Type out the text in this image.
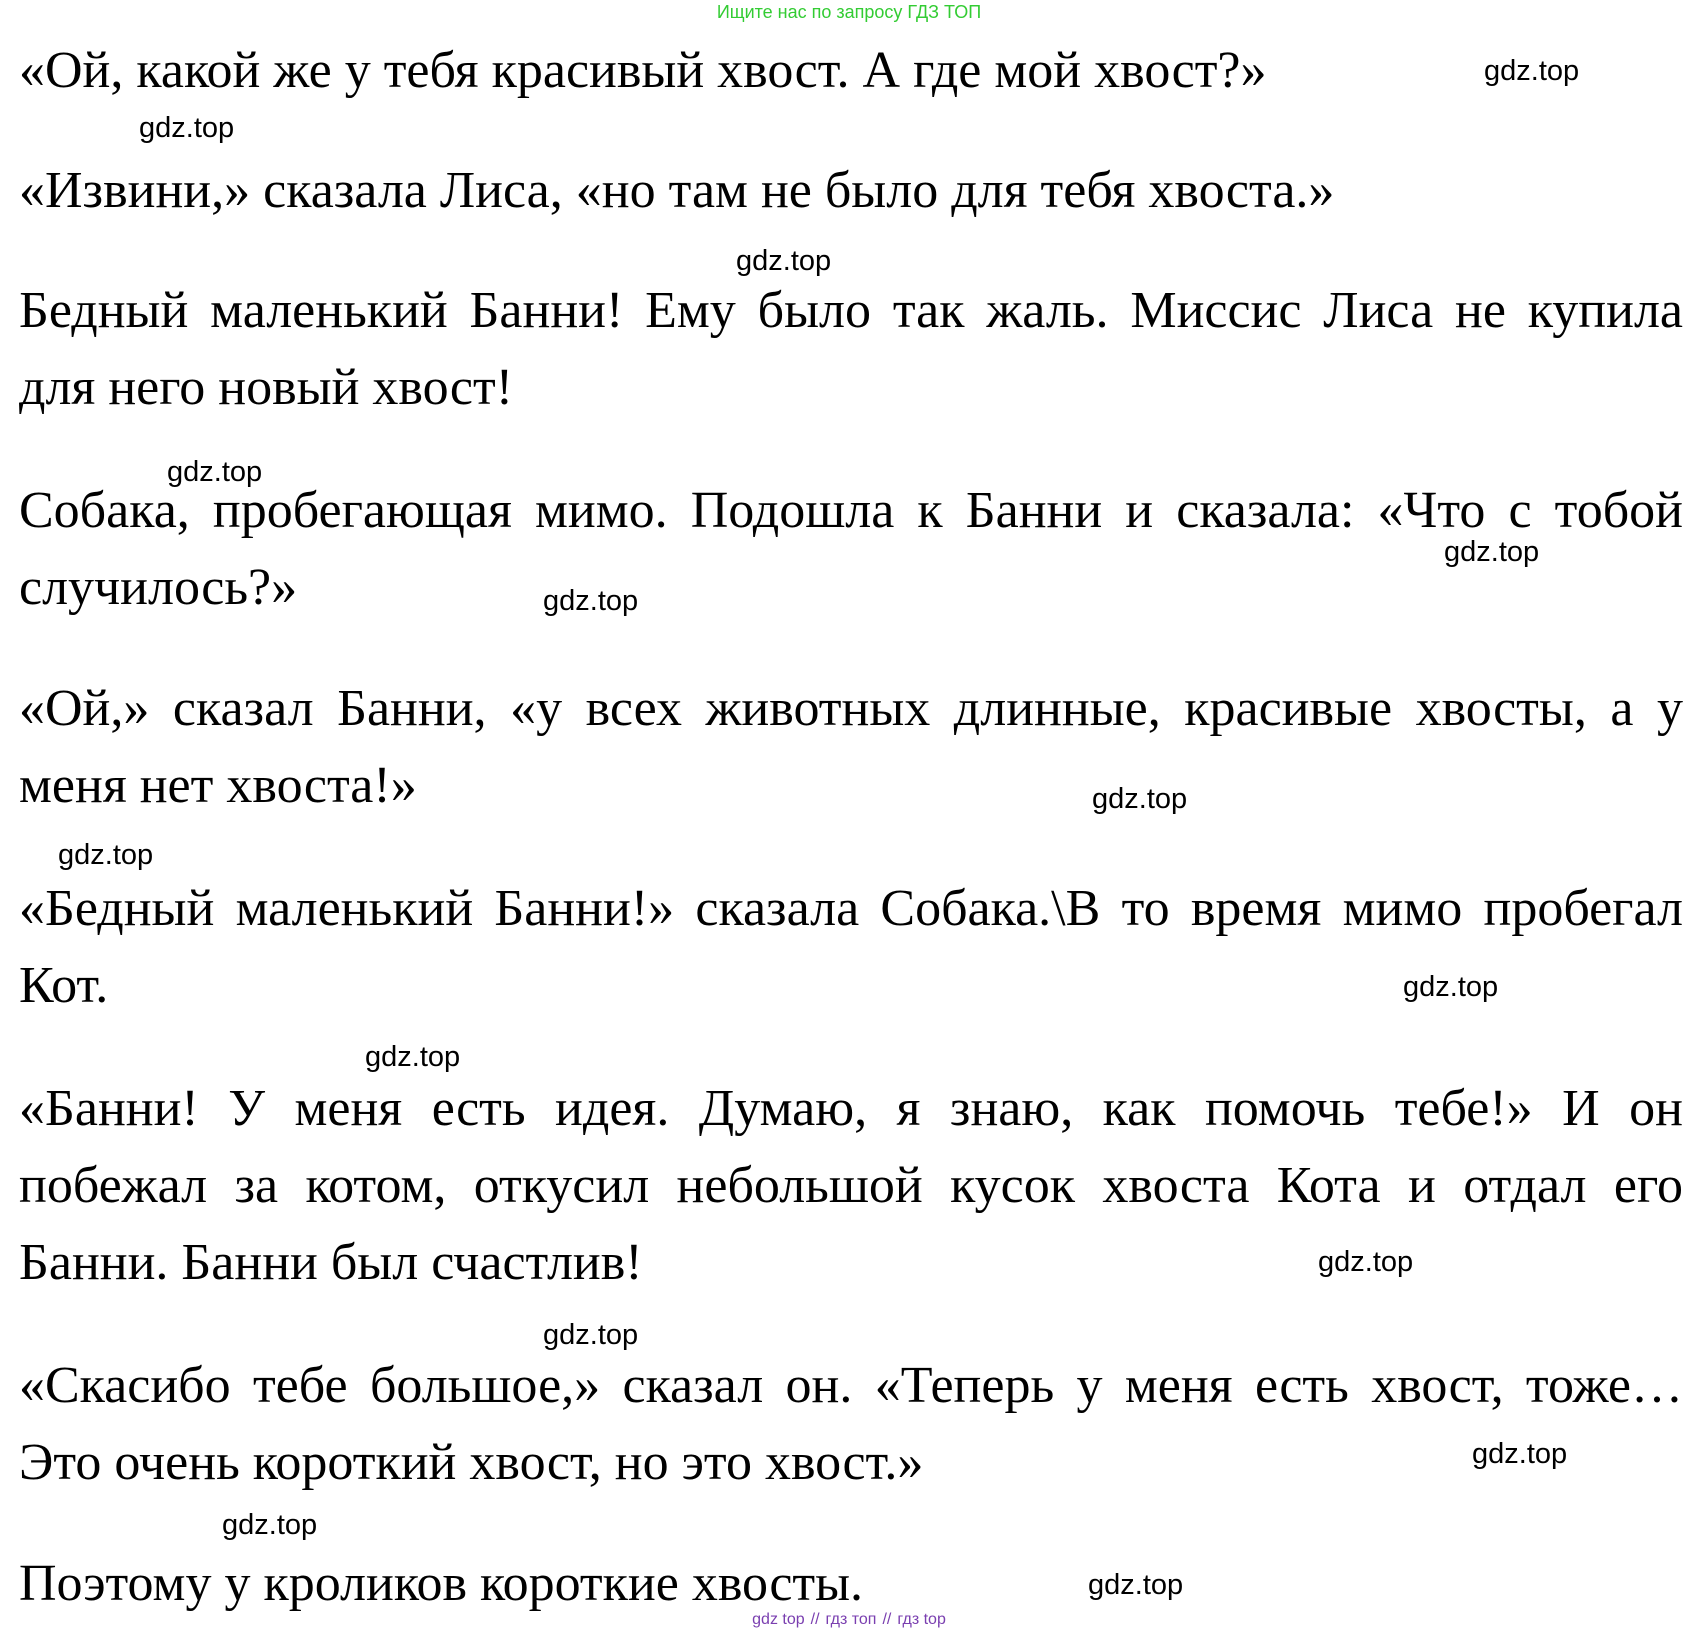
Ищите нас по запросу ГДЗ ТОП

«Ой, какой же у тебя красивый хвост. А где мой хвост?»

«Извини,» сказала Лиса, «но там не было для тебя хвоста.»

Бедный маленький Банни! Ему было так жаль. Миссис Лиса не купила для него новый хвост!

Собака, пробегающая мимо. Подошла к Банни и сказала: «Что с тобой случилось?»

«Ой,» сказал Банни, «у всех животных длинные, красивые хвосты, а у меня нет хвоста!»

«Бедный маленький Банни!» сказала Собака.\В то время мимо пробегал Кот.

«Банни! У меня есть идея. Думаю, я знаю, как помочь тебе!» И он побежал за котом, откусил небольшой кусок хвоста Кота и отдал его Банни. Банни был счастлив!

«Скасибо тебе большое,» сказал он. «Теперь у меня есть хвост, тоже… Это очень короткий хвост, но это хвост.»

Поэтому у кроликов короткие хвосты.

gdz.top
gdz.top
gdz.top
gdz.top
gdz.top
gdz.top
gdz.top
gdz.top
gdz.top
gdz.top
gdz.top
gdz.top
gdz.top
gdz.top
gdz.top
gdz top // гдз топ // гдз top
